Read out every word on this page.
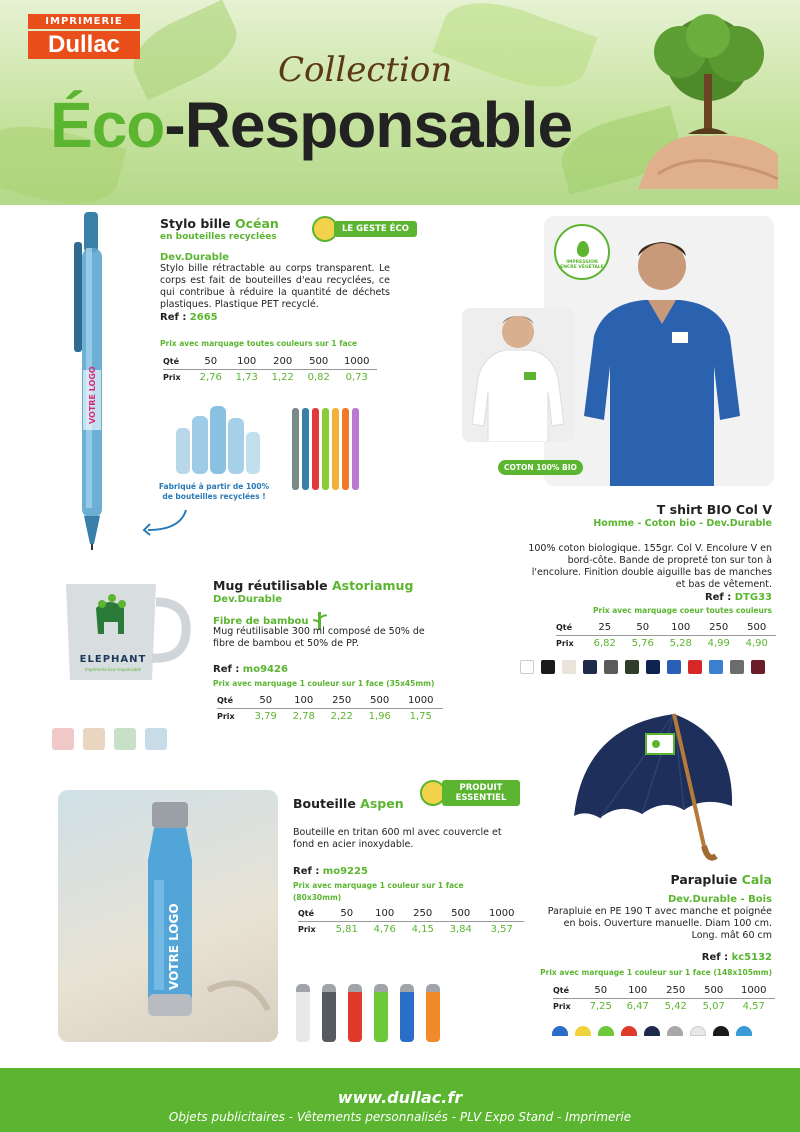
IMPRIMERIE
Dullac
Collection
Éco-Responsable
VOTRE LOGO
Stylo bille Océan
en bouteilles recyclées
LE GESTE ÉCO
Dev.Durable
Stylo bille rétractable au corps transparent. Le corps est fait de bouteilles d'eau recyclées, ce qui contribue à réduire la quantité de déchets plastiques. Plastique PET recyclé.
Ref : 2665
Prix avec marquage toutes couleurs sur 1 face
Qté	50	100	200	500	1000
Prix	2,76	1,73	1,22	0,82	0,73
Fabriqué à partir de 100% de bouteilles recyclées !
IMPRESSION ENCRE VÉGÉTALE
COTON 100% BIO
T shirt BIO Col V
Homme - Coton bio - Dev.Durable
100% coton biologique. 155gr. Col V. Encolure V en bord-côte. Bande de propreté ton sur ton à l'encolure. Finition double aiguille bas de manches et bas de vêtement.
Ref : DTG33
Prix avec marquage coeur toutes couleurs
Qté	25	50	100	250	500
Prix	6,82	5,76	5,28	4,99	4,90
ELEPHANT
Imprimerie Eco-responsable
Mug réutilisable Astoriamug
Dev.Durable
Fibre de bambou
Mug réutilisable 300 ml composé de 50% de fibre de bambou et 50% de PP.
Ref : mo9426
Prix avec marquage 1 couleur sur 1 face (35x45mm)
Qté	50	100	250	500	1000
Prix	3,79	2,78	2,22	1,96	1,75
Parapluie Cala
Dev.Durable - Bois
Parapluie en PE 190 T avec manche et poignée en bois. Ouverture manuelle. Diam 100 cm. Long. mât 60 cm
Ref : kc5132
Prix avec marquage 1 couleur sur 1 face (148x105mm)
Qté	50	100	250	500	1000
Prix	7,25	6,47	5,42	5,07	4,57
VOTRE LOGO
Bouteille Aspen
PRODUIT ESSENTIEL
Bouteille en tritan 600 ml avec couvercle et fond en acier inoxydable.
Ref : mo9225
Prix avec marquage 1 couleur sur 1 face (80x30mm)
Qté	50	100	250	500	1000
Prix	5,81	4,76	4,15	3,84	3,57
www.dullac.fr
Objets publicitaires - Vêtements personnalisés - PLV Expo Stand - Imprimerie
